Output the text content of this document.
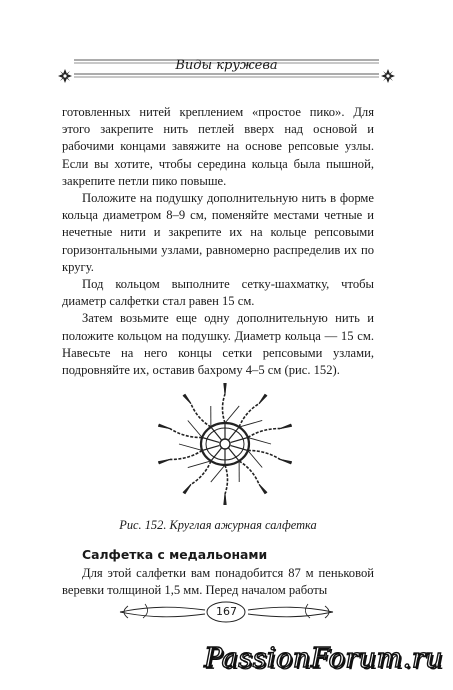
Виды кружева

готовленных нитей креплением «простое пико». Для этого закрепите нить петлей вверх над основой и рабочими концами завяжите на основе репсовые узлы. Если вы хотите, чтобы середина кольца была пышной, закрепите петли пико повыше.

Положите на подушку дополнительную нить в форме кольца диаметром 8–9 см, поменяйте местами четные и нечетные нити и закрепите их на кольце репсовыми горизонтальными узлами, равномерно распределив их по кругу.

Под кольцом выполните сетку-шахматку, чтобы диаметр салфетки стал равен 15 см.

Затем возьмите еще одну дополнительную нить и положите кольцом на подушку. Диаметр кольца — 15 см. Навесьте на него концы сетки репсовыми узлами, подровняйте их, оставив бахрому 4–5 см (рис. 152).

Рис. 152. Круглая ажурная салфетка
Салфетка с медальонами

Для этой салфетки вам понадобится 87 м пеньковой веревки толщиной 1,5 мм. Перед началом работы

167
PassionForum.ru
